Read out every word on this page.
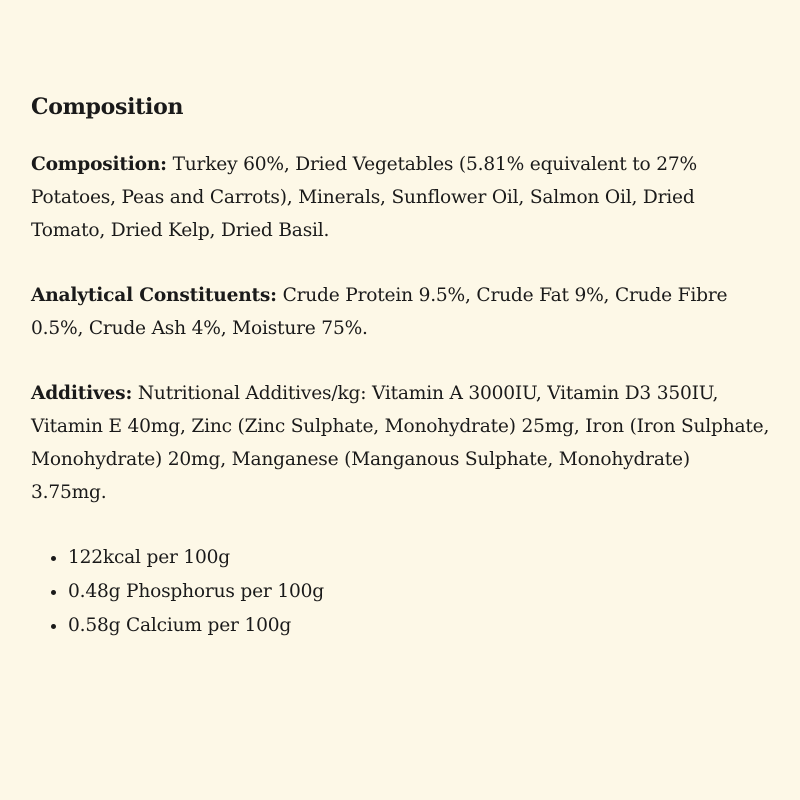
Composition

Composition: Turkey 60%, Dried Vegetables (5.81% equivalent to 27% Potatoes, Peas and Carrots), Minerals, Sunflower Oil, Salmon Oil, Dried Tomato, Dried Kelp, Dried Basil.

Analytical Constituents: Crude Protein 9.5%, Crude Fat 9%, Crude Fibre 0.5%, Crude Ash 4%, Moisture 75%.

Additives: Nutritional Additives/kg: Vitamin A 3000IU, Vitamin D3 350IU, Vitamin E 40mg, Zinc (Zinc Sulphate, Monohydrate) 25mg, Iron (Iron Sulphate, Monohydrate) 20mg, Manganese (Manganous Sulphate, Monohydrate) 3.75mg.

• 122kcal per 100g
• 0.48g Phosphorus per 100g
• 0.58g Calcium per 100g
